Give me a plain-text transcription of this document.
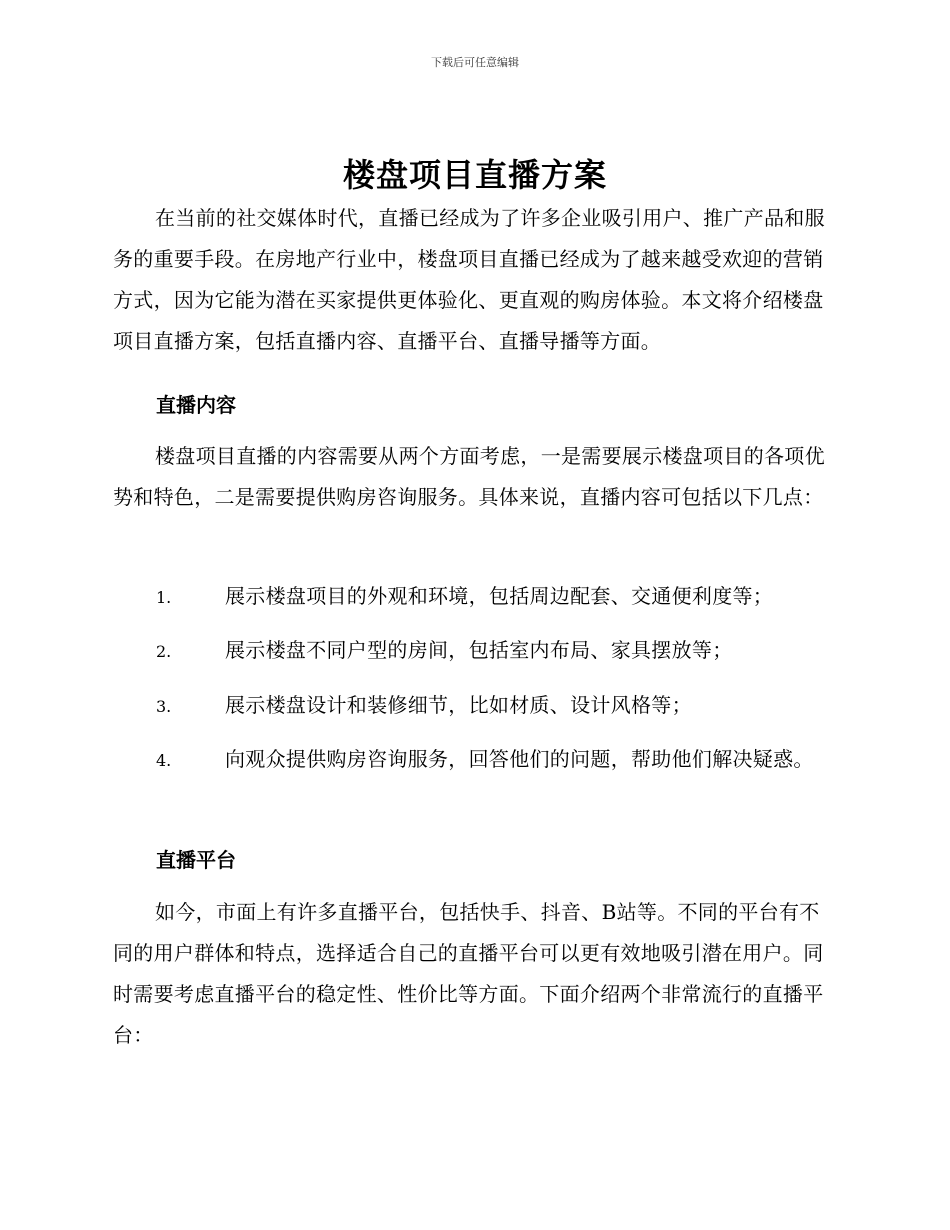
下载后可任意编辑
楼盘项目直播方案

在当前的社交媒体时代，直播已经成为了许多企业吸引用户、推广产品和服务的重要手段。在房地产行业中，楼盘项目直播已经成为了越来越受欢迎的营销方式，因为它能为潜在买家提供更体验化、更直观的购房体验。本文将介绍楼盘项目直播方案，包括直播内容、直播平台、直播导播等方面。

直播内容

楼盘项目直播的内容需要从两个方面考虑，一是需要展示楼盘项目的各项优势和特色，二是需要提供购房咨询服务。具体来说，直播内容可包括以下几点：

1.	展示楼盘项目的外观和环境，包括周边配套、交通便利度等；

2.	展示楼盘不同户型的房间，包括室内布局、家具摆放等；

3.	展示楼盘设计和装修细节，比如材质、设计风格等；

4.	向观众提供购房咨询服务，回答他们的问题，帮助他们解决疑惑。

直播平台

如今，市面上有许多直播平台，包括快手、抖音、B站等。不同的平台有不同的用户群体和特点，选择适合自己的直播平台可以更有效地吸引潜在用户。同时需要考虑直播平台的稳定性、性价比等方面。下面介绍两个非常流行的直播平台：
